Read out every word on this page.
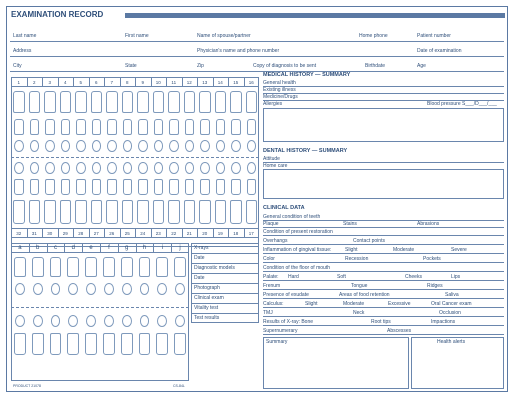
EXAMINATION RECORD
Last name	First name	Name of spouse/partner	Home phone	Patient number
Address	Physician's name and phone number	Date of examination
City	State	Zip	Copy of diagnosis to be sent	Birthdate	Age
PRODUCT 21078	CS-84L
MEDICAL HISTORY — SUMMARY
General health
Existing illness
Medicine/Drugs
Allergies	Blood pressure S___/D___/___
DENTAL HISTORY — SUMMARY
Attitude
Home care
CLINICAL DATA
General condition of teeth
Plaque	Stains	Abrasions
Condition of present restoration
Overhangs	Contact points
Inflammation of gingival tissue:	Slight	Moderate	Severe
Color	Recession	Pockets
Condition of the floor of mouth
Palate: Hard	Soft	Cheeks	Lips
Frenum	Tongue	Ridges
Presence of exudate	Areas of food retention	Saliva
Calculus:	Slight	Moderate	Excessive	Oral Cancer exam
TMJ	Neck	Occlusion
Results of X-ray: Bone	Root tips	Impactions
Supernumerary	Abscesses
Summary	Health alerts
1	2	3	4	5	6	7	8	9	10	11	12	13	14	15	16
32	31	30	29	28	27	26	25	24	23	22	21	20	19	18	17
a	b	c	d	e	f	g	h	i	j	X-rays
Date
Diagnostic models
Date
Photograph
Clinical exam
Vitality test
Test results
